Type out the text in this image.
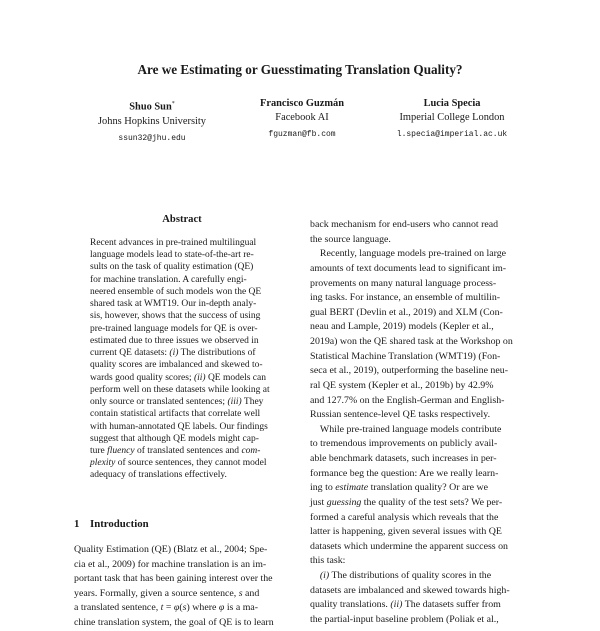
Are we Estimating or Guesstimating Translation Quality?
Shuo Sun*
Johns Hopkins University
ssun32@jhu.edu
Francisco Guzmán
Facebook AI
fguzman@fb.com
Lucia Specia
Imperial College London
l.specia@imperial.ac.uk
Abstract
Recent advances in pre-trained multilingual
language models lead to state-of-the-art re-
sults on the task of quality estimation (QE)
for machine translation. A carefully engi-
neered ensemble of such models won the QE
shared task at WMT19. Our in-depth analy-
sis, however, shows that the success of using
pre-trained language models for QE is over-
estimated due to three issues we observed in
current QE datasets: (i) The distributions of
quality scores are imbalanced and skewed to-
wards good quality scores; (ii) QE models can
perform well on these datasets while looking at
only source or translated sentences; (iii) They
contain statistical artifacts that correlate well
with human-annotated QE labels. Our findings
suggest that although QE models might cap-
ture fluency of translated sentences and com-
plexity of source sentences, they cannot model
adequacy of translations effectively.
1 Introduction
Quality Estimation (QE) (Blatz et al., 2004; Spe-
cia et al., 2009) for machine translation is an im-
portant task that has been gaining interest over the
years. Formally, given a source sentence, s and
a translated sentence, t = φ(s) where φ is a ma-
chine translation system, the goal of QE is to learn
back mechanism for end-users who cannot read
the source language.
Recently, language models pre-trained on large
amounts of text documents lead to significant im-
provements on many natural language process-
ing tasks. For instance, an ensemble of multilin-
gual BERT (Devlin et al., 2019) and XLM (Con-
neau and Lample, 2019) models (Kepler et al.,
2019a) won the QE shared task at the Workshop on
Statistical Machine Translation (WMT19) (Fon-
seca et al., 2019), outperforming the baseline neu-
ral QE system (Kepler et al., 2019b) by 42.9%
and 127.7% on the English-German and English-
Russian sentence-level QE tasks respectively.
While pre-trained language models contribute
to tremendous improvements on publicly avail-
able benchmark datasets, such increases in per-
formance beg the question: Are we really learn-
ing to estimate translation quality? Or are we
just guessing the quality of the test sets? We per-
formed a careful analysis which reveals that the
latter is happening, given several issues with QE
datasets which undermine the apparent success on
this task:
(i) The distributions of quality scores in the
datasets are imbalanced and skewed towards high-
quality translations. (ii) The datasets suffer from
the partial-input baseline problem (Poliak et al.,
